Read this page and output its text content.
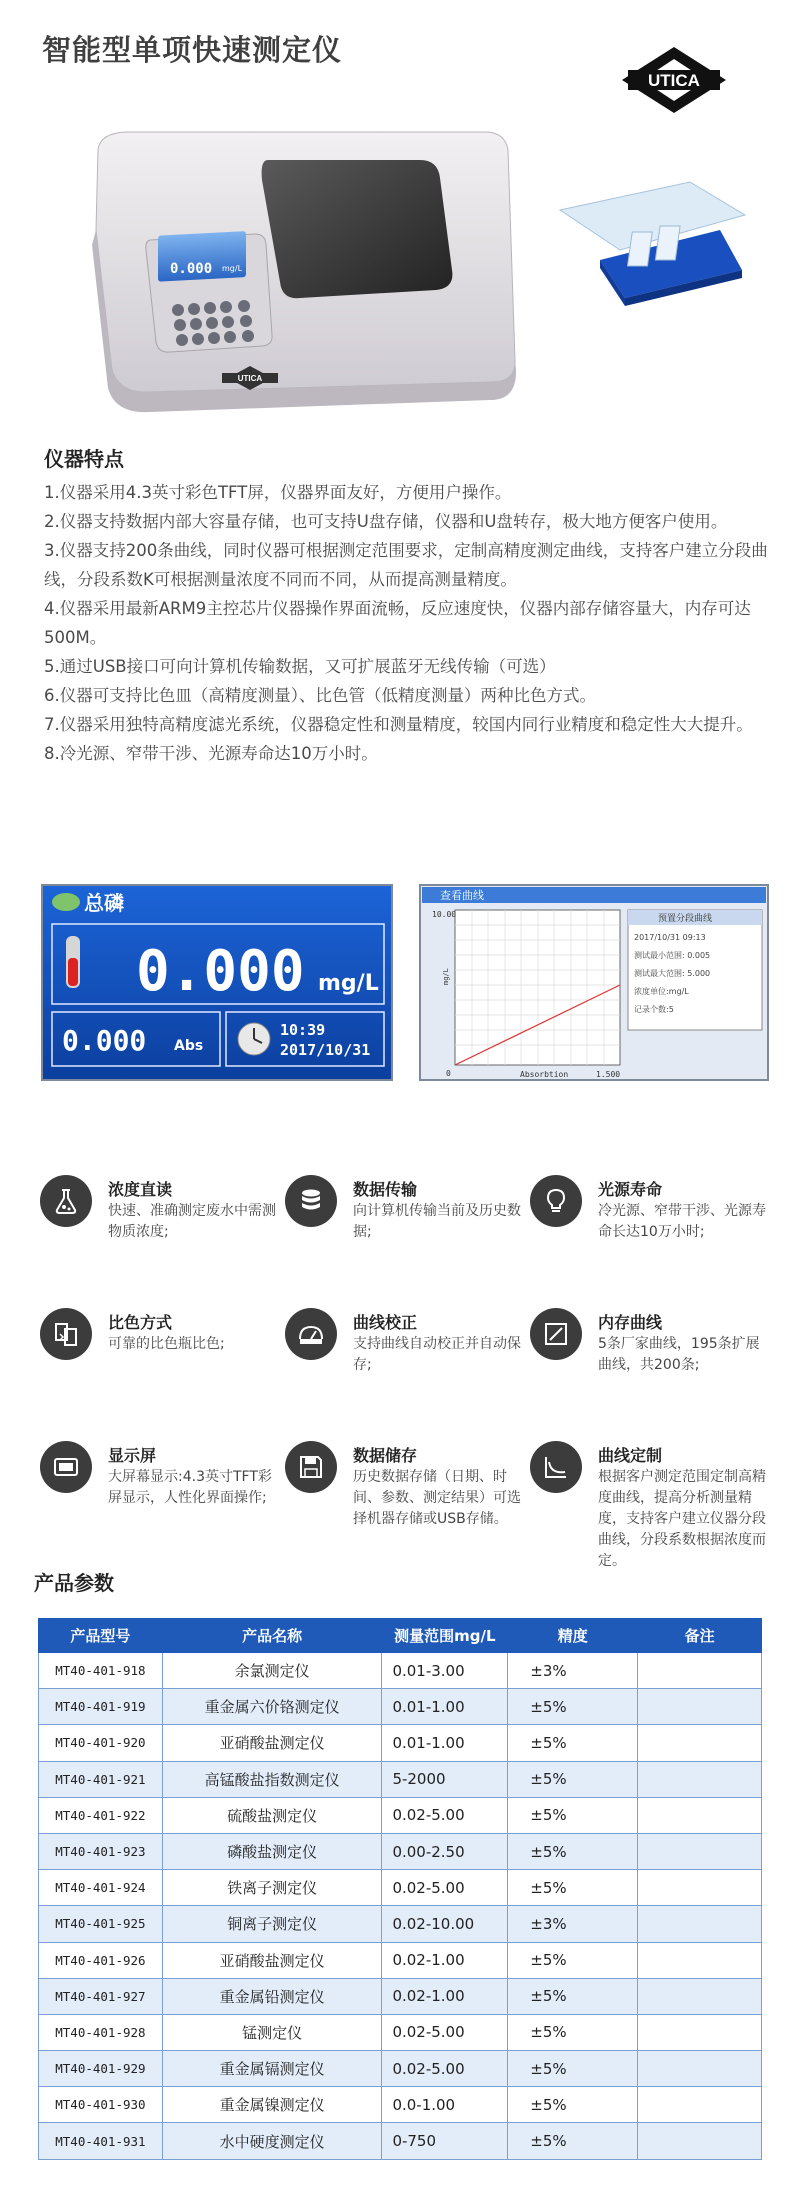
智能型单项快速测定仪
UTICA
0.000 mg/L
UTICA
仪器特点

1.仪器采用4.3英寸彩色TFT屏，仪器界面友好，方便用户操作。

2.仪器支持数据内部大容量存储，也可支持U盘存储，仪器和U盘转存，极大地方便客户使用。

3.仪器支持200条曲线，同时仪器可根据测定范围要求，定制高精度测定曲线，支持客户建立分段曲线，分段系数K可根据测量浓度不同而不同，从而提高测量精度。

4.仪器采用最新ARM9主控芯片仪器操作界面流畅，反应速度快，仪器内部存储容量大，内存可达500M。

5.通过USB接口可向计算机传输数据，又可扩展蓝牙无线传输（可选）

6.仪器可支持比色皿（高精度测量）、比色管（低精度测量）两种比色方式。

7.仪器采用独特高精度滤光系统，仪器稳定性和测量精度，较国内同行业精度和稳定性大大提升。

8.冷光源、窄带干涉、光源寿命达10万小时。

总磷
0.000 mg/L
0.000 Abs
10:39
2017/10/31
查看曲线
10.00
0	Absorbtion	1.500
mg/L
预置分段曲线
2017/10/31 09:13
测试最小范围: 0.005
测试最大范围: 5.000
浓度单位:mg/L
记录个数:5
浓度直读
快速、准确测定废水中需测物质浓度;
数据传输
向计算机传输当前及历史数据;
光源寿命
冷光源、窄带干涉、光源寿命长达10万小时;
比色方式
可靠的比色瓶比色;
曲线校正
支持曲线自动校正并自动保存;
内存曲线
5条厂家曲线，195条扩展曲线，共200条;
显示屏
大屏幕显示:4.3英寸TFT彩屏显示，人性化界面操作;
数据储存
历史数据存储（日期、时间、参数、测定结果）可选择机器存储或USB存储。
曲线定制
根据客户测定范围定制高精度曲线，提高分析测量精度，支持客户建立仪器分段曲线，分段系数根据浓度而定。
产品参数
产品型号	产品名称	测量范围mg/L	精度	备注
MT40-401-918	余氯测定仪	0.01-3.00	±3%	
MT40-401-919	重金属六价铬测定仪	0.01-1.00	±5%	
MT40-401-920	亚硝酸盐测定仪	0.01-1.00	±5%	
MT40-401-921	高锰酸盐指数测定仪	5-2000	±5%	
MT40-401-922	硫酸盐测定仪	0.02-5.00	±5%	
MT40-401-923	磷酸盐测定仪	0.00-2.50	±5%	
MT40-401-924	铁离子测定仪	0.02-5.00	±5%	
MT40-401-925	铜离子测定仪	0.02-10.00	±3%	
MT40-401-926	亚硝酸盐测定仪	0.02-1.00	±5%	
MT40-401-927	重金属铅测定仪	0.02-1.00	±5%	
MT40-401-928	锰测定仪	0.02-5.00	±5%	
MT40-401-929	重金属镉测定仪	0.02-5.00	±5%	
MT40-401-930	重金属镍测定仪	0.0-1.00	±5%	
MT40-401-931	水中硬度测定仪	0-750	±5%	
